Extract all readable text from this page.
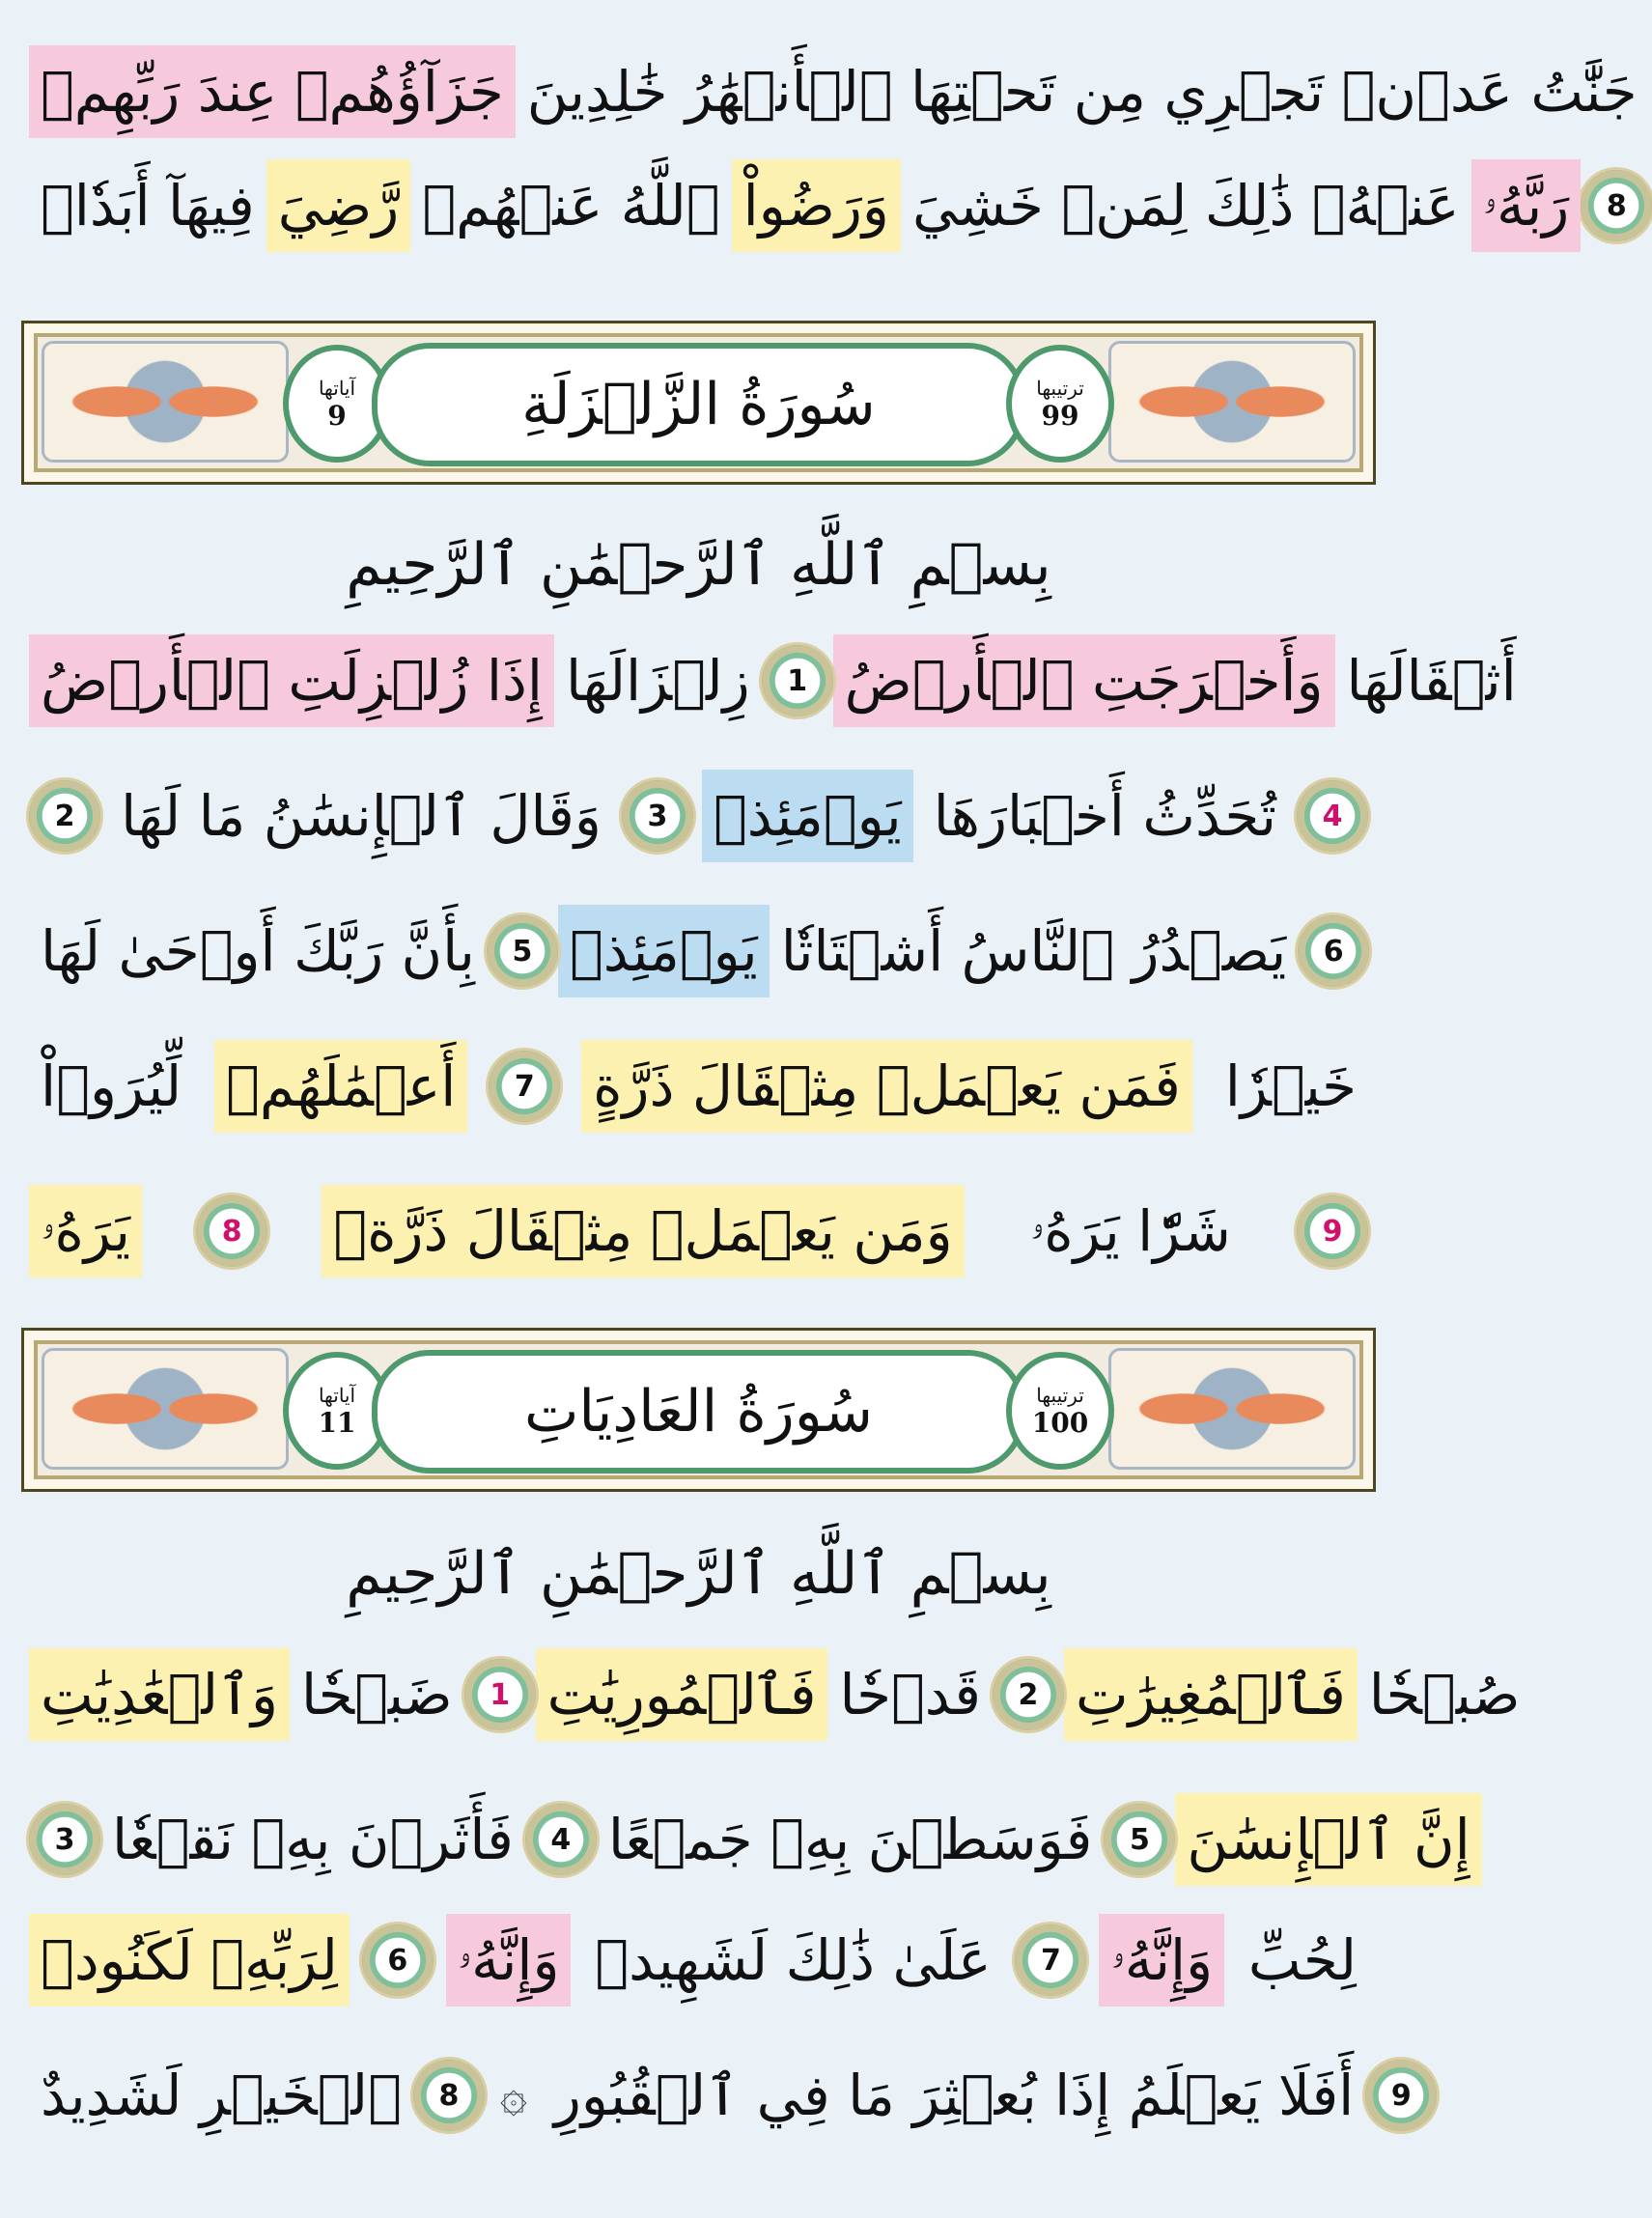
جَزَآؤُهُمۡ عِندَ رَبِّهِمۡ جَنَّٰتُ عَدۡنٖ تَجۡرِي مِن تَحۡتِهَا ٱلۡأَنۡهَٰرُ خَٰلِدِينَ
فِيهَآ أَبَدٗاۖ رَّضِيَ ٱللَّهُ عَنۡهُمۡ وَرَضُواْ عَنۡهُۚ ذَٰلِكَ لِمَنۡ خَشِيَ رَبَّهُۥ	8
آياتها
9	سُورَةُ الزَّلۡزَلَةِ	ترتيبها
99
بِسۡمِ ٱللَّهِ ٱلرَّحۡمَٰنِ ٱلرَّحِيمِ
إِذَا زُلۡزِلَتِ ٱلۡأَرۡضُ زِلۡزَالَهَا	1 وَأَخۡرَجَتِ ٱلۡأَرۡضُ أَثۡقَالَهَا
2 وَقَالَ ٱلۡإِنسَٰنُ مَا لَهَا	3 يَوۡمَئِذٖ تُحَدِّثُ أَخۡبَارَهَا	4
بِأَنَّ رَبَّكَ أَوۡحَىٰ لَهَا	5 يَوۡمَئِذٖ يَصۡدُرُ ٱلنَّاسُ أَشۡتَاتٗا	6
لِّيُرَوۡاْ أَعۡمَٰلَهُمۡ	7	فَمَن يَعۡمَلۡ مِثۡقَالَ ذَرَّةٍ خَيۡرٗا
يَرَهُۥ	8	وَمَن يَعۡمَلۡ مِثۡقَالَ ذَرَّةٖ شَرّٗا يَرَهُۥ	9
آياتها
11	سُورَةُ العَادِيَاتِ	ترتيبها
100
بِسۡمِ ٱللَّهِ ٱلرَّحۡمَٰنِ ٱلرَّحِيمِ
وَٱلۡعَٰدِيَٰتِ ضَبۡحٗا	1 فَٱلۡمُورِيَٰتِ قَدۡحٗا	2 فَٱلۡمُغِيرَٰتِ صُبۡحٗا
3 فَأَثَرۡنَ بِهِۦ نَقۡعٗا	4 فَوَسَطۡنَ بِهِۦ جَمۡعًا	5 إِنَّ ٱلۡإِنسَٰنَ
لِرَبِّهِۦ لَكَنُودٞ	6 وَإِنَّهُۥ عَلَىٰ ذَٰلِكَ لَشَهِيدٞ	7 وَإِنَّهُۥ لِحُبِّ
ٱلۡخَيۡرِ لَشَدِيدٌ	8 ۞ أَفَلَا يَعۡلَمُ إِذَا بُعۡثِرَ مَا فِي ٱلۡقُبُورِ	9
